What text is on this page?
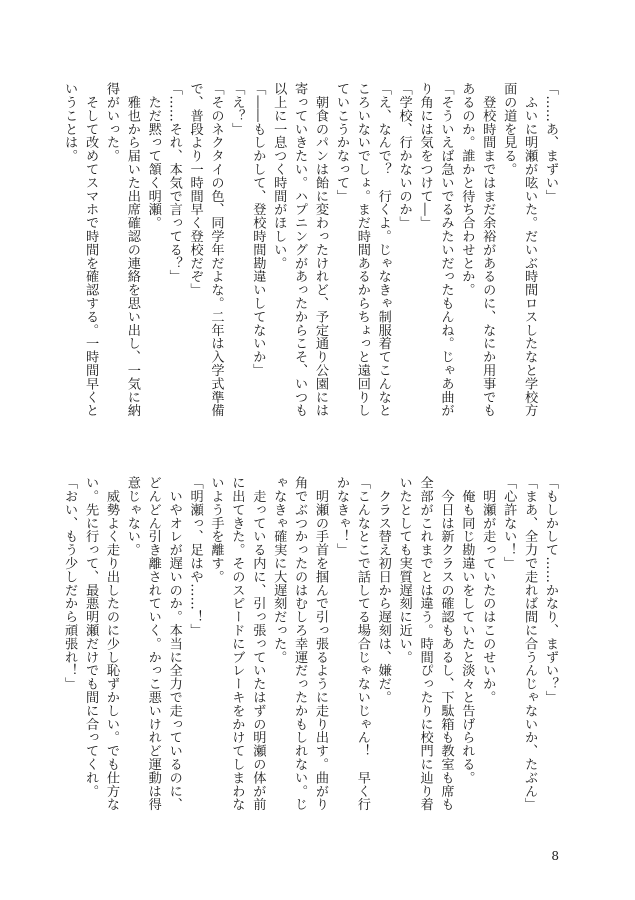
「……あ、まずい」

　ふいに明瀬が呟いた。だいぶ時間ロスしたなと学校方

面の道を見る。

　登校時間まではまだ余裕があるのに、なにか用事でも

あるのか。誰かと待ち合わせとか。

「そういえば急いでるみたいだったもんね。じゃあ曲が

り角には気をつけて―」

「学校、行かないのか」

「え、なんで？　行くよ。じゃなきゃ制服着てこんなと

ころいないでしょ。まだ時間あるからちょっと遠回りし

ていこうかなって」

　朝食のパンは飴に変わったけれど、予定通り公園には

寄っていきたい。ハプニングがあったからこそ、いつも

以上に一息つく時間がほしい。

「――もしかして、登校時間勘違いしてないか」

「え？」

「そのネクタイの色、同学年だよな。二年は入学式準備

で、普段より一時間早く登校だぞ」

「……それ、本気で言ってる？」

　ただ黙って頷く明瀬。

　雅也から届いた出席確認の連絡を思い出し、一気に納

得がいった。

　そして改めてスマホで時間を確認する。一時間早くと

いうことは。

「もしかして……かなり、まずい？」

「まあ、全力で走れば間に合うんじゃないか、たぶん」

「心許ない！」

　明瀬が走っていたのはこのせいか。

　俺も同じ勘違いをしていたと淡々と告げられる。

　今日は新クラスの確認もあるし、下駄箱も教室も席も

全部がこれまでとは違う。時間ぴったりに校門に辿り着

いたとしても実質遅刻に近い。

　クラス替え初日から遅刻は、嫌だ。

「こんなとこで話してる場合じゃないじゃん！　早く行

かなきゃ！」

　明瀬の手首を掴んで引っ張るように走り出す。曲がり

角でぶつかったのはむしろ幸運だったかもしれない。じ

ゃなきゃ確実に大遅刻だった。

　走っている内に、引っ張っていたはずの明瀬の体が前

に出てきた。そのスピードにブレーキをかけてしまわな

いよう手を離す。

「明瀬っ、足はや……！」

　いやオレが遅いのか。本当に全力で走っているのに、

どんどん引き離されていく。かっこ悪いけれど運動は得

意じゃない。

　威勢よく走り出したのに少し恥ずかしい。でも仕方な

い。先に行って、最悪明瀬だけでも間に合ってくれ。

「おい、もう少しだから頑張れ！」

8
